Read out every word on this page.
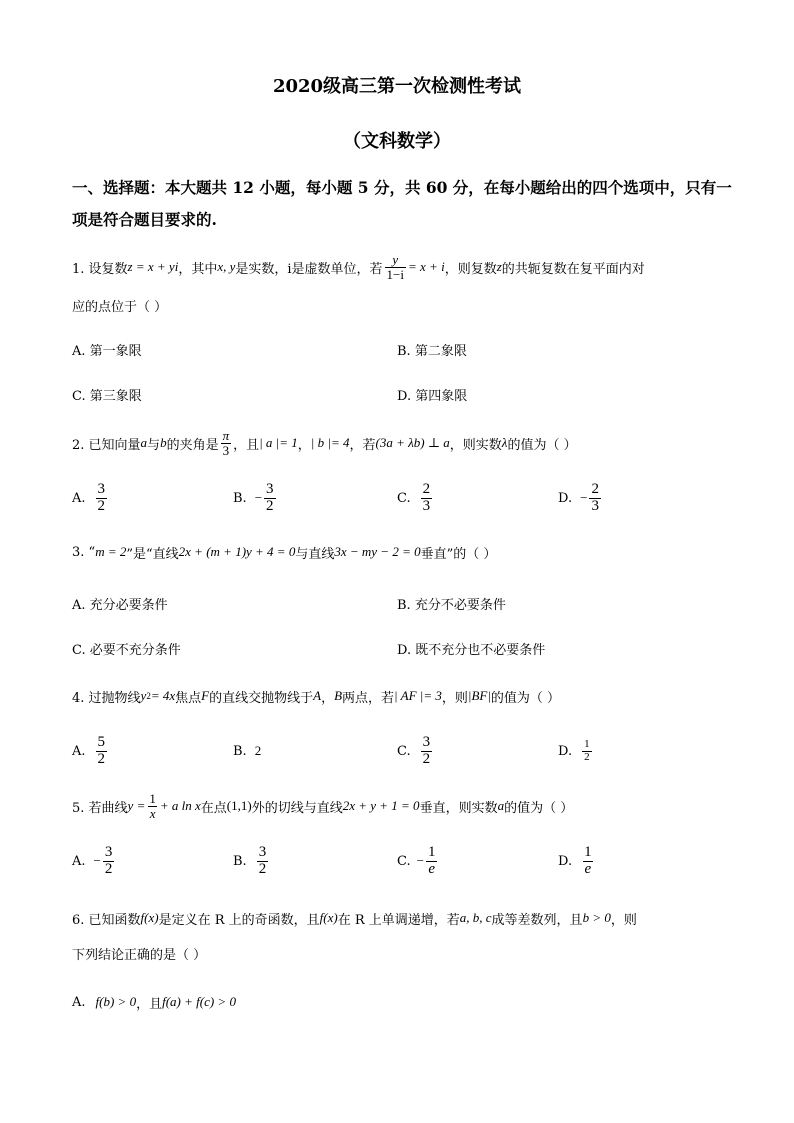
2020级高三第一次检测性考试
（文科数学）
一、选择题：本大题共 12 小题，每小题 5 分，共 60 分，在每小题给出的四个选项中，只有一
项是符合题目要求的.
1. 设复数 z = x + yi ，其中 x, y 是实数，i是虚数单位，若 $\frac{y}{1-i} = x + i$ ，则复数 z 的共轭复数在复平面内对
应的点位于（ ）
A. 第一象限	B. 第二象限
C. 第三象限	D. 第四象限
2. 已知向量 a 与 b 的夹角是 $\frac{\pi}{3}$ ，且 | a |= 1 ， | b |= 4 ，若 (3a + λb) ⊥ a ，则实数 λ 的值为（ ）
A. $\frac{3}{2}$	B. − $\frac{3}{2}$	C. $\frac{2}{3}$	D. − $\frac{2}{3}$
3. “ m = 2 ”是“直线 2x + (m + 1)y + 4 = 0 与直线 3x − my − 2 = 0 垂直”的（ ）
A. 充分必要条件	B. 充分不必要条件
C. 必要不充分条件	D. 既不充分也不必要条件
4. 过抛物线 y 2 = 4x 焦点 F 的直线交抛物线于 A ， B 两点，若 | AF |= 3 ，则 |BF| 的值为（ ）
A. $\frac{5}{2}$	B. 2	C. $\frac{3}{2}$	D. $\frac{1}{2}$
5. 若曲线 $y = \frac{1}{x} + a$ ln x 在点 (1,1) 外的切线与直线 2x + y + 1 = 0 垂直，则实数 a 的值为（ ）
A. − $\frac{3}{2}$	B. $\frac{3}{2}$	C. − $\frac{1}{e}$	D. $\frac{1}{e}$
6. 已知函数 f(x) 是定义在 R 上的奇函数，且 f(x) 在 R 上单调递增，若 a, b, c 成等差数列，且 b > 0 ，则
下列结论正确的是（ ）
A. f(b) > 0 ，且 f(a) + f(c) > 0
